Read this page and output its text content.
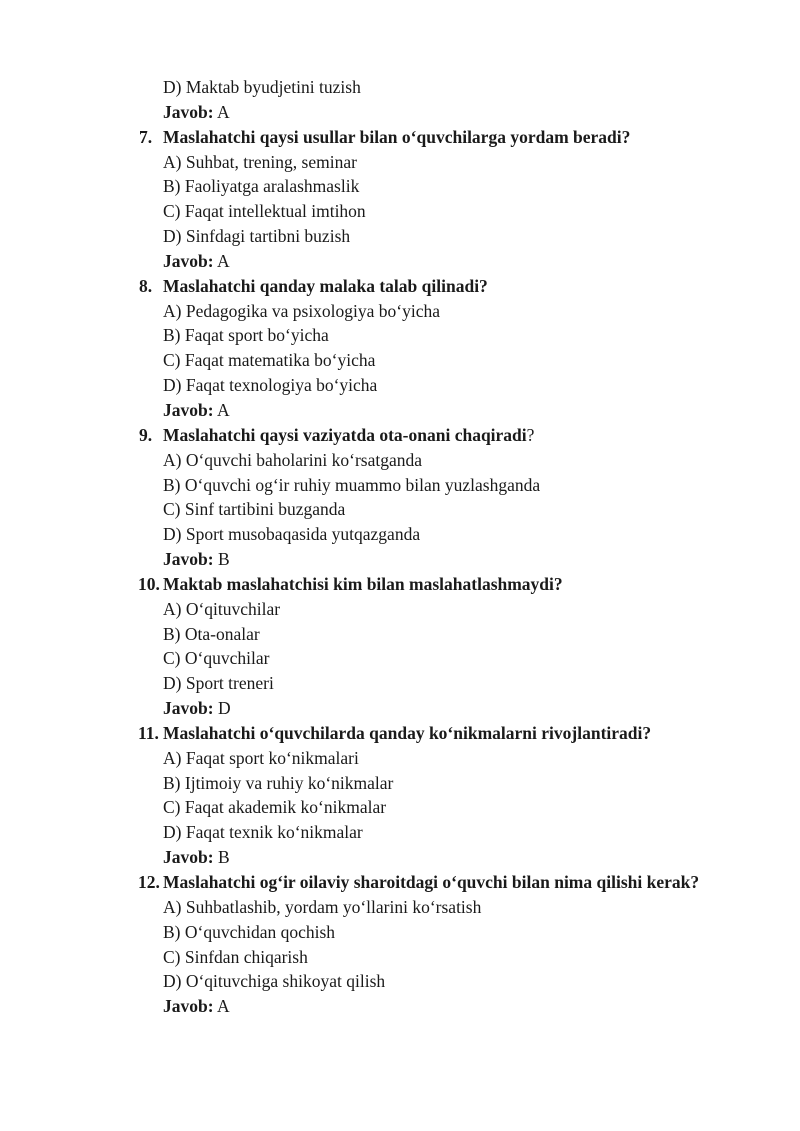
D) Maktab byudjetini tuzish
Javob: A
7. Maslahatchi qaysi usullar bilan o‘quvchilarga yordam beradi?
A) Suhbat, trening, seminar
B) Faoliyatga aralashmaslik
C) Faqat intellektual imtihon
D) Sinfdagi tartibni buzish
Javob: A
8. Maslahatchi qanday malaka talab qilinadi?
A) Pedagogika va psixologiya bo‘yicha
B) Faqat sport bo‘yicha
C) Faqat matematika bo‘yicha
D) Faqat texnologiya bo‘yicha
Javob: A
9. Maslahatchi qaysi vaziyatda ota-onani chaqiradi?
A) O‘quvchi baholarini ko‘rsatganda
B) O‘quvchi og‘ir ruhiy muammo bilan yuzlashganda
C) Sinf tartibini buzganda
D) Sport musobaqasida yutqazganda
Javob: B
10. Maktab maslahatchisi kim bilan maslahatlashmaydi?
A) O‘qituvchilar
B) Ota-onalar
C) O‘quvchilar
D) Sport treneri
Javob: D
11. Maslahatchi o‘quvchilarda qanday ko‘nikmalarni rivojlantiradi?
A) Faqat sport ko‘nikmalari
B) Ijtimoiy va ruhiy ko‘nikmalar
C) Faqat akademik ko‘nikmalar
D) Faqat texnik ko‘nikmalar
Javob: B
12. Maslahatchi og‘ir oilaviy sharoitdagi o‘quvchi bilan nima qilishi kerak?
A) Suhbatlashib, yordam yo‘llarini ko‘rsatish
B) O‘quvchidan qochish
C) Sinfdan chiqarish
D) O‘qituvchiga shikoyat qilish
Javob: A
